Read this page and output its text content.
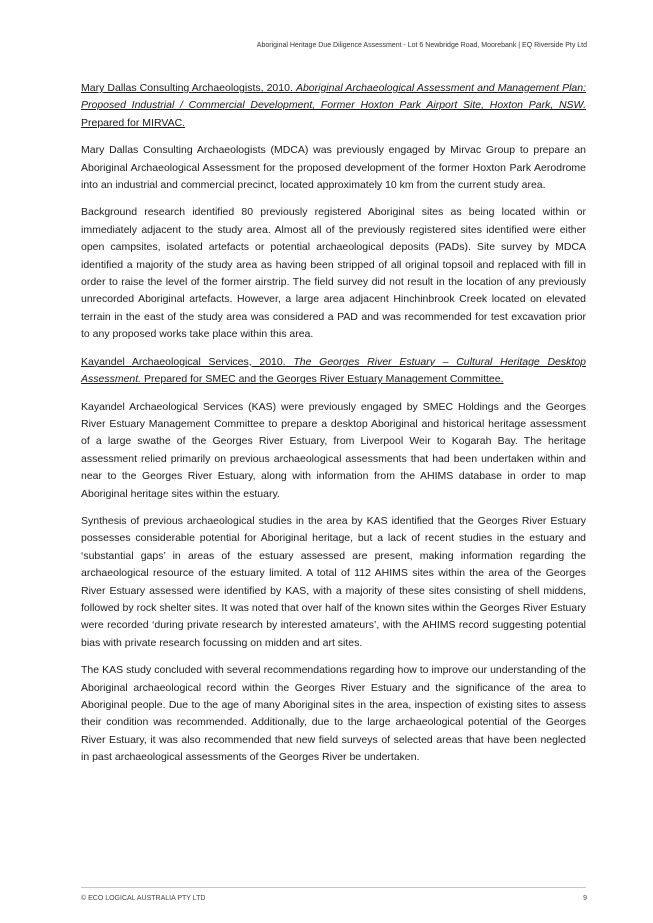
Aboriginal Heritage Due Diligence Assessment - Lot 6 Newbridge Road, Moorebank | EQ Riverside Pty Ltd

Mary Dallas Consulting Archaeologists, 2010. Aboriginal Archaeological Assessment and Management Plan: Proposed Industrial / Commercial Development, Former Hoxton Park Airport Site, Hoxton Park, NSW. Prepared for MIRVAC.

Mary Dallas Consulting Archaeologists (MDCA) was previously engaged by Mirvac Group to prepare an Aboriginal Archaeological Assessment for the proposed development of the former Hoxton Park Aerodrome into an industrial and commercial precinct, located approximately 10 km from the current study area.

Background research identified 80 previously registered Aboriginal sites as being located within or immediately adjacent to the study area. Almost all of the previously registered sites identified were either open campsites, isolated artefacts or potential archaeological deposits (PADs). Site survey by MDCA identified a majority of the study area as having been stripped of all original topsoil and replaced with fill in order to raise the level of the former airstrip. The field survey did not result in the location of any previously unrecorded Aboriginal artefacts. However, a large area adjacent Hinchinbrook Creek located on elevated terrain in the east of the study area was considered a PAD and was recommended for test excavation prior to any proposed works take place within this area.

Kayandel Archaeological Services, 2010. The Georges River Estuary – Cultural Heritage Desktop Assessment. Prepared for SMEC and the Georges River Estuary Management Committee.

Kayandel Archaeological Services (KAS) were previously engaged by SMEC Holdings and the Georges River Estuary Management Committee to prepare a desktop Aboriginal and historical heritage assessment of a large swathe of the Georges River Estuary, from Liverpool Weir to Kogarah Bay. The heritage assessment relied primarily on previous archaeological assessments that had been undertaken within and near to the Georges River Estuary, along with information from the AHIMS database in order to map Aboriginal heritage sites within the estuary.

Synthesis of previous archaeological studies in the area by KAS identified that the Georges River Estuary possesses considerable potential for Aboriginal heritage, but a lack of recent studies in the estuary and ‘substantial gaps’ in areas of the estuary assessed are present, making information regarding the archaeological resource of the estuary limited. A total of 112 AHIMS sites within the area of the Georges River Estuary assessed were identified by KAS, with a majority of these sites consisting of shell middens, followed by rock shelter sites. It was noted that over half of the known sites within the Georges River Estuary were recorded ‘during private research by interested amateurs’, with the AHIMS record suggesting potential bias with private research focussing on midden and art sites.

The KAS study concluded with several recommendations regarding how to improve our understanding of the Aboriginal archaeological record within the Georges River Estuary and the significance of the area to Aboriginal people. Due to the age of many Aboriginal sites in the area, inspection of existing sites to assess their condition was recommended. Additionally, due to the large archaeological potential of the Georges River Estuary, it was also recommended that new field surveys of selected areas that have been neglected in past archaeological assessments of the Georges River be undertaken.

© ECO LOGICAL AUSTRALIA PTY LTD	9
